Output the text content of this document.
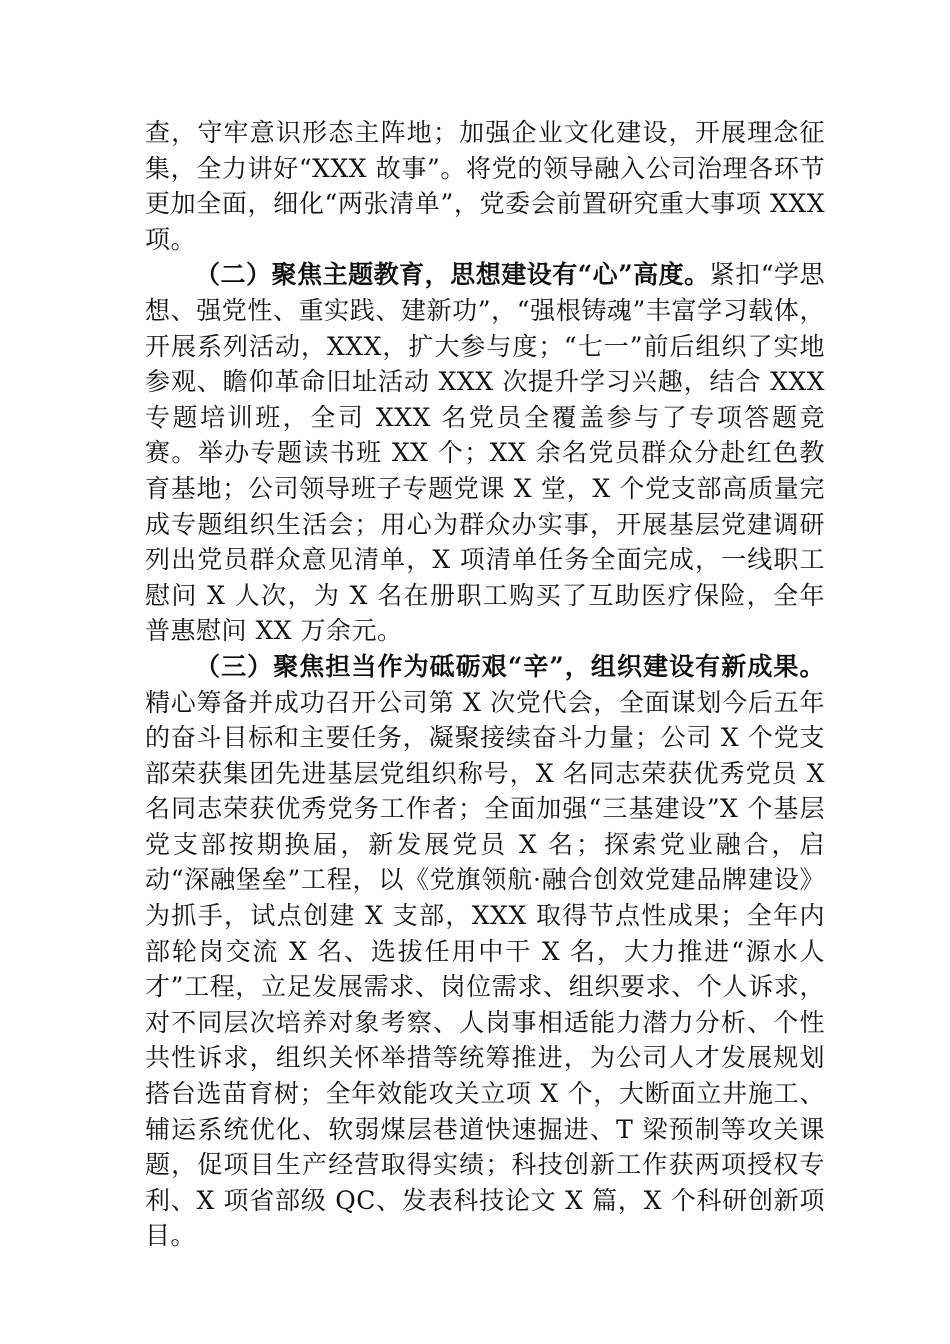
查，守牢意识形态主阵地；加强企业文化建设，开展理念征集，全力讲好“XXX 故事”。将党的领导融入公司治理各环节更加全面，细化“两张清单”，党委会前置研究重大事项 XXX 项。

（二）聚焦主题教育，思想建设有“心”高度。紧扣“学思想、强党性、重实践、建新功”，“强根铸魂”丰富学习载体，开展系列活动，XXX，扩大参与度；“七一”前后组织了实地参观、瞻仰革命旧址活动 XXX 次提升学习兴趣，结合 XXX 专题培训班，全司 XXX 名党员全覆盖参与了专项答题竞赛。举办专题读书班 XX 个；XX 余名党员群众分赴红色教育基地；公司领导班子专题党课 X 堂，X 个党支部高质量完成专题组织生活会；用心为群众办实事，开展基层党建调研列出党员群众意见清单，X 项清单任务全面完成，一线职工慰问 X 人次，为 X 名在册职工购买了互助医疗保险，全年普惠慰问 XX 万余元。

（三）聚焦担当作为砥砺艰“辛”，组织建设有新成果。精心筹备并成功召开公司第 X 次党代会，全面谋划今后五年的奋斗目标和主要任务，凝聚接续奋斗力量；公司 X 个党支部荣获集团先进基层党组织称号，X 名同志荣获优秀党员 X 名同志荣获优秀党务工作者；全面加强“三基建设”X 个基层党支部按期换届，新发展党员 X 名；探索党业融合，启动“深融堡垒”工程，以《党旗领航·融合创效党建品牌建设》为抓手，试点创建 X 支部，XXX 取得节点性成果；全年内部轮岗交流 X 名、选拔任用中干 X 名，大力推进“源水人才”工程，立足发展需求、岗位需求、组织要求、个人诉求，对不同层次培养对象考察、人岗事相适能力潜力分析、个性共性诉求，组织关怀举措等统筹推进，为公司人才发展规划搭台选苗育树；全年效能攻关立项 X 个，大断面立井施工、辅运系统优化、软弱煤层巷道快速掘进、T 梁预制等攻关课题，促项目生产经营取得实绩；科技创新工作获两项授权专利、X 项省部级 QC、发表科技论文 X 篇，X 个科研创新项目。
